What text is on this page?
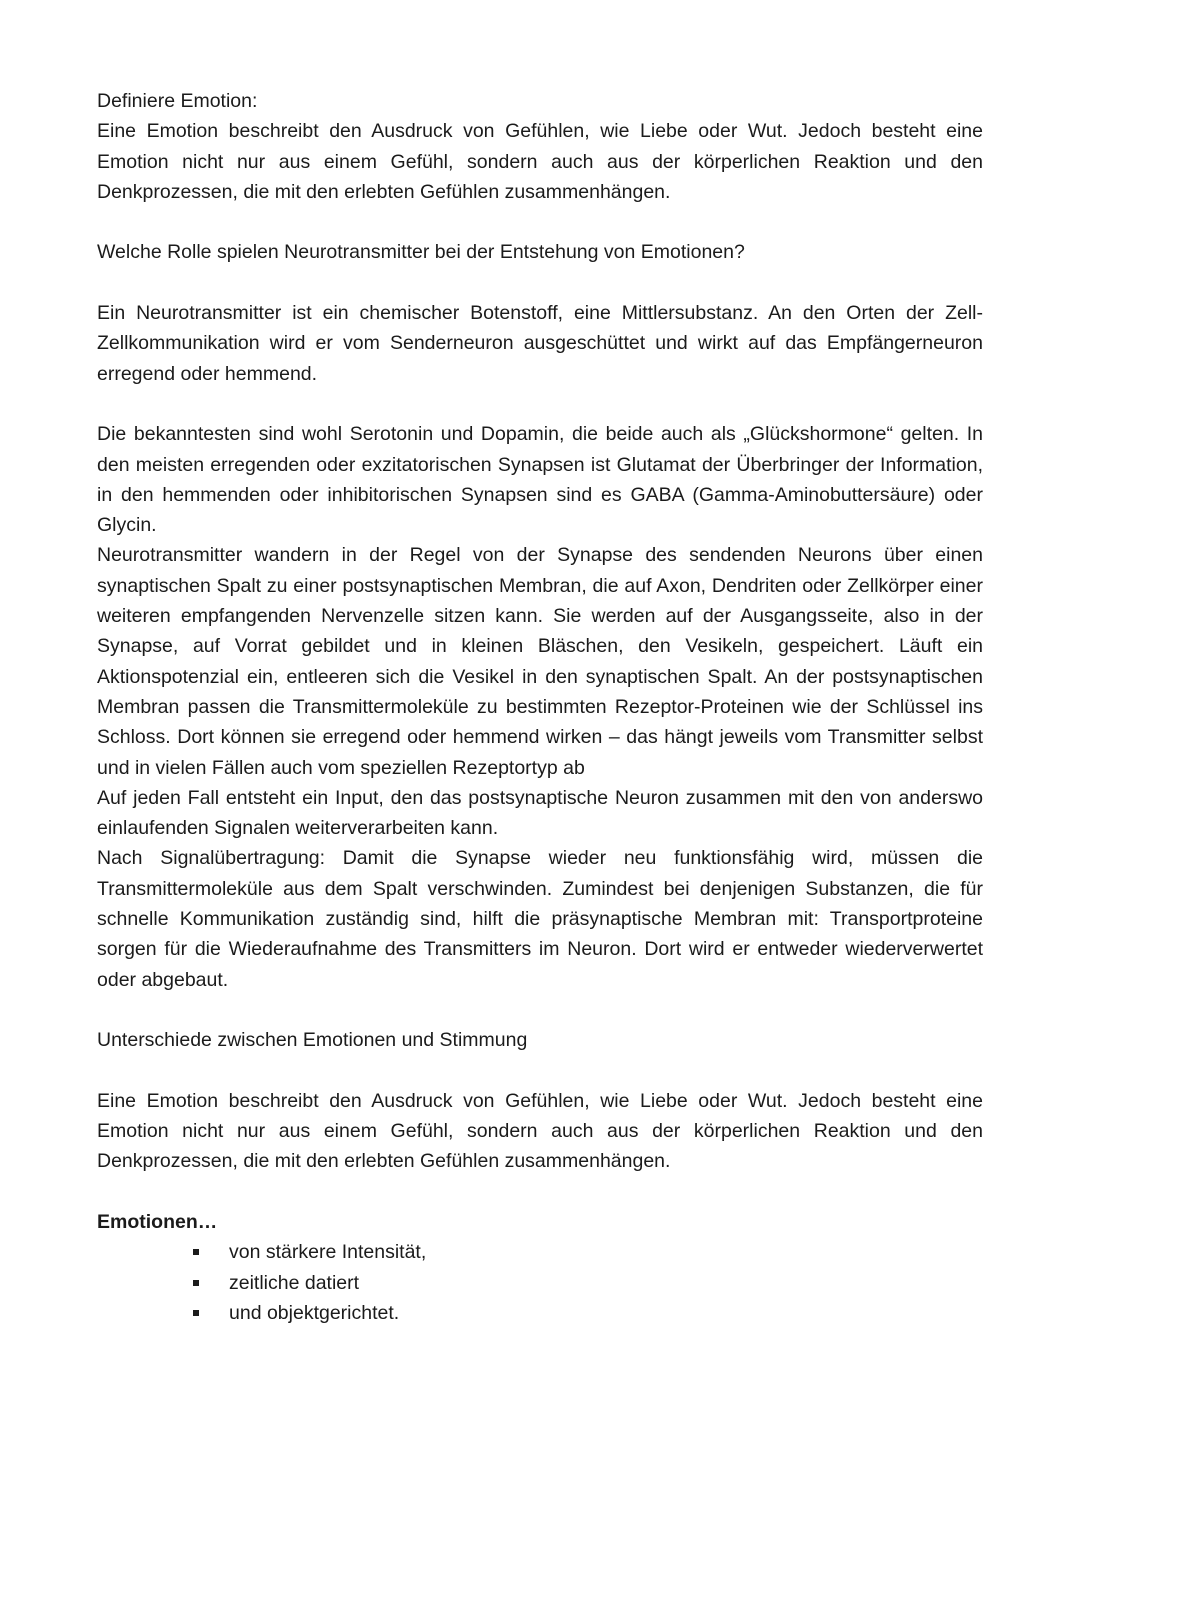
Definiere Emotion:

Eine Emotion beschreibt den Ausdruck von Gefühlen, wie Liebe oder Wut. Jedoch besteht eine Emotion nicht nur aus einem Gefühl, sondern auch aus der körperlichen Reaktion und den Denkprozessen, die mit den erlebten Gefühlen zusammenhängen.

Welche Rolle spielen Neurotransmitter bei der Entstehung von Emotionen?

Ein Neurotransmitter ist ein chemischer Botenstoff, eine Mittlersubstanz. An den Orten der Zell-Zellkommunikation wird er vom Senderneuron ausgeschüttet und wirkt auf das Empfängerneuron erregend oder hemmend.

Die bekanntesten sind wohl Serotonin und Dopamin, die beide auch als „Glückshormone“ gelten. In den meisten erregenden oder exzitatorischen Synapsen ist Glutamat der Überbringer der Information, in den hemmenden oder inhibitorischen Synapsen sind es GABA (Gamma-Aminobuttersäure) oder Glycin.

Neurotransmitter wandern in der Regel von der Synapse des sendenden Neurons über einen synaptischen Spalt zu einer postsynaptischen Membran, die auf Axon, Dendriten oder Zellkörper einer weiteren empfangenden Nervenzelle sitzen kann. Sie werden auf der Ausgangsseite, also in der Synapse, auf Vorrat gebildet und in kleinen Bläschen, den Vesikeln, gespeichert. Läuft ein Aktionspotenzial ein, entleeren sich die Vesikel in den synaptischen Spalt. An der postsynaptischen Membran passen die Transmittermoleküle zu bestimmten Rezeptor-Proteinen wie der Schlüssel ins Schloss. Dort können sie erregend oder hemmend wirken – das hängt jeweils vom Transmitter selbst und in vielen Fällen auch vom speziellen Rezeptortyp ab

Auf jeden Fall entsteht ein Input, den das postsynaptische Neuron zusammen mit den von anderswo einlaufenden Signalen weiterverarbeiten kann.

Nach Signalübertragung: Damit die Synapse wieder neu funktionsfähig wird, müssen die Transmittermoleküle aus dem Spalt verschwinden. Zumindest bei denjenigen Substanzen, die für schnelle Kommunikation zuständig sind, hilft die präsynaptische Membran mit: Transportproteine sorgen für die Wiederaufnahme des Transmitters im Neuron. Dort wird er entweder wiederverwertet oder abgebaut.

Unterschiede zwischen Emotionen und Stimmung

Eine Emotion beschreibt den Ausdruck von Gefühlen, wie Liebe oder Wut. Jedoch besteht eine Emotion nicht nur aus einem Gefühl, sondern auch aus der körperlichen Reaktion und den Denkprozessen, die mit den erlebten Gefühlen zusammenhängen.

Emotionen…

von stärkere Intensität,
zeitliche datiert
und objektgerichtet.
